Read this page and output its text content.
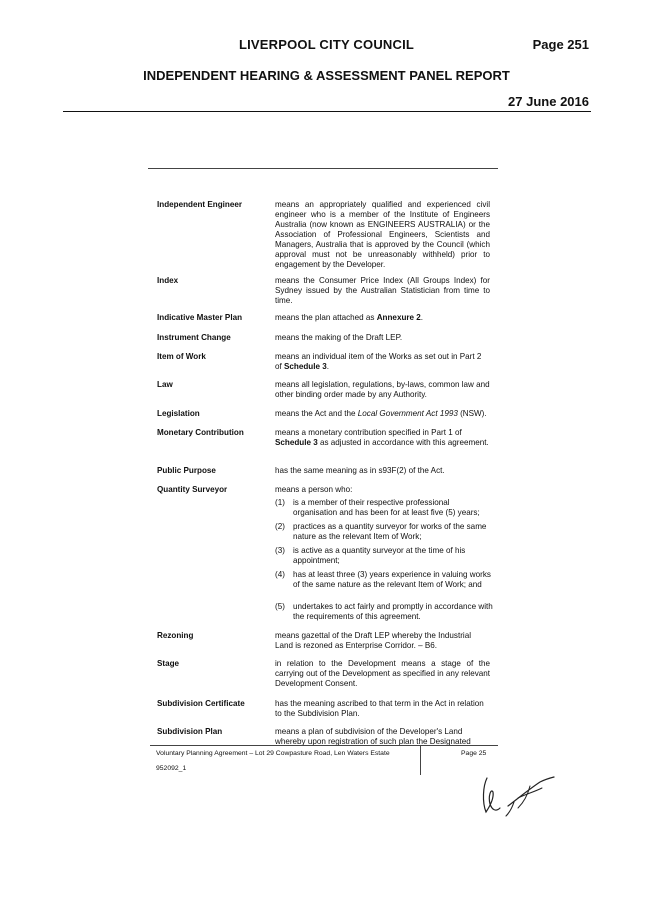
LIVERPOOL CITY COUNCIL	Page 251
INDEPENDENT HEARING & ASSESSMENT PANEL REPORT
27 June 2016
Independent Engineer	means an appropriately qualified and experienced civil engineer who is a member of the Institute of Engineers Australia (now known as ENGINEERS AUSTRALIA) or the Association of Professional Engineers, Scientists and Managers, Australia that is approved by the Council (which approval must not be unreasonably withheld) prior to engagement by the Developer.
Index	means the Consumer Price Index (All Groups Index) for Sydney issued by the Australian Statistician from time to time.
Indicative Master Plan	means the plan attached as Annexure 2.
Instrument Change	means the making of the Draft LEP.
Item of Work	means an individual item of the Works as set out in Part 2 of Schedule 3.
Law	means all legislation, regulations, by-laws, common law and other binding order made by any Authority.
Legislation	means the Act and the Local Government Act 1993 (NSW).
Monetary Contribution	means a monetary contribution specified in Part 1 of Schedule 3 as adjusted in accordance with this agreement.
Public Purpose	has the same meaning as in s93F(2) of the Act.
Quantity Surveyor	means a person who:
(1) is a member of their respective professional organisation and has been for at least five (5) years;
(2) practices as a quantity surveyor for works of the same nature as the relevant Item of Work;
(3) is active as a quantity surveyor at the time of his appointment;
(4) has at least three (3) years experience in valuing works of the same nature as the relevant Item of Work; and
(5) undertakes to act fairly and promptly in accordance with the requirements of this agreement.
Rezoning	means gazettal of the Draft LEP whereby the Industrial Land is rezoned as Enterprise Corridor. – B6.
Stage	in relation to the Development means a stage of the carrying out of the Development as specified in any relevant Development Consent.
Subdivision Certificate	has the meaning ascribed to that term in the Act in relation to the Subdivision Plan.
Subdivision Plan	means a plan of subdivision of the Developer's Land whereby upon registration of such plan the Designated
Voluntary Planning Agreement – Lot 29 Cowpasture Road, Len Waters Estate
952092_1
Page 25
